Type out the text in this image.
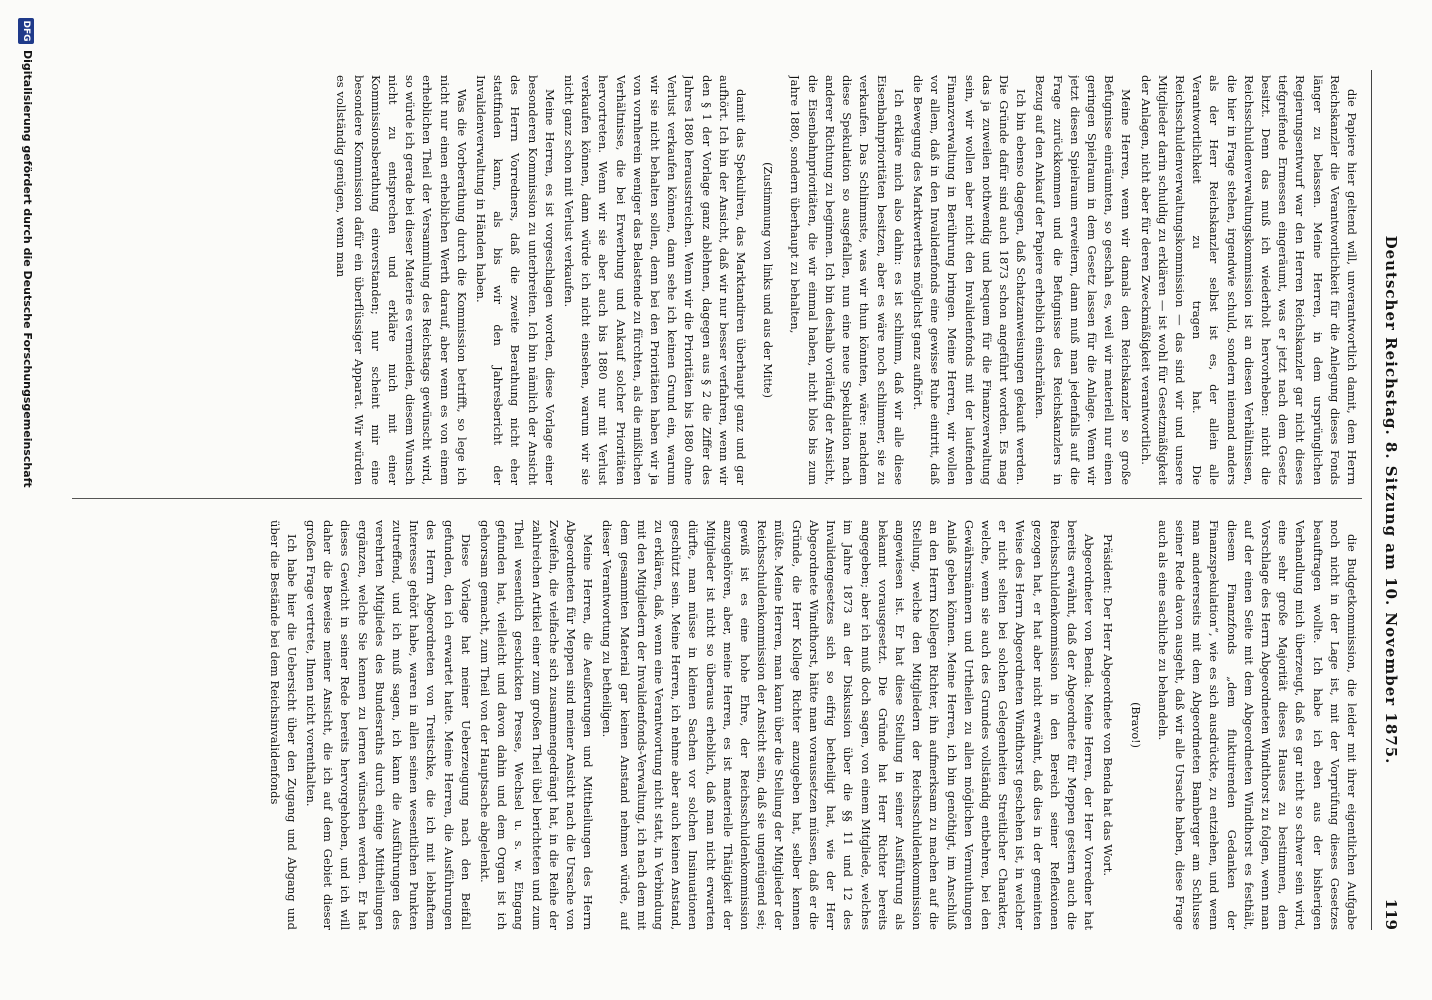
Deutscher Reichstag. 8. Sitzung am 10. November 1875.
119

die Papiere hier geltend will, unverantwortlich damit, dem Herrn Reichskanzler die Verantwortlichkeit für die Anlegung dieses Fonds länger zu belassen. Meine Herren, in dem ursprünglichen Regierungsentwurf war den Herren Reichskanzler gar nicht dieses tiefgreifende Ermessen eingeräumt, was er jetzt nach dem Gesetz besitzt. Denn das muß ich wiederholt hervorheben: nicht die Reichsschuldenverwaltungskommission ist an diesen Verhältnissen, die hier in Frage stehen, irgendwie schuld, sondern niemand anders als der Herr Reichskanzler selbst ist es, der allein alle Verantwortlichkeit zu tragen hat. Die Reichsschuldenverwaltungskommission — das sind wir und unsere Mitglieder darin schuldig zu erklären — ist wohl für Gesetzmäßigkeit der Anlagen, nicht aber für deren Zweckmäßigkeit verantwortlich.

Meine Herren, wenn wir damals dem Reichskanzler so große Befugnisse einräumten, so geschah es, weil wir materiell nur einen geringen Spielraum in dem Gesetz lassen für die Anlage. Wenn wir jetzt diesen Spielraum erweitern, dann muß man jedenfalls auf die Frage zurückkommen und die Befugnisse des Reichskanzlers in Bezug auf den Ankauf der Papiere erheblich einschränken.

Ich bin ebenso dagegen, daß Schatzanweisungen gekauft werden. Die Gründe dafür sind auch 1873 schon angeführt worden. Es mag das ja zuweilen nothwendig und bequem für die Finanzverwaltung sein, wir wollen aber nicht den Invalidenfonds mit der laufenden Finanzverwaltung in Berührung bringen. Meine Herren, wir wollen vor allem, daß in den Invalidenfonds eine gewisse Ruhe eintritt, daß die Bewegung des Marktwerthes möglichst ganz aufhört.

Ich erkläre mich also dahin: es ist schlimm, daß wir alle diese Eisenbahnprioritäten besitzen, aber es wäre noch schlimmer, sie zu verkaufen. Das Schlimmste, was wir thun könnten, wäre: nachdem diese Spekulation so ausgefallen, nun eine neue Spekulation nach anderer Richtung zu beginnen. Ich bin deshalb vorläufig der Ansicht, die Eisenbahnprioritäten, die wir einmal haben, nicht blos bis zum Jahre 1880, sondern überhaupt zu behalten,

(Zustimmung von links und aus der Mitte)

damit das Spekuliren, das Marktandiren überhaupt ganz und gar aufhört. Ich bin der Ansicht, daß wir nur besser verfahren, wenn wir den § 1 der Vorlage ganz ablehnen, dagegen aus § 2 die Ziffer des Jahres 1880 herausstreichen. Wenn wir die Prioritäten bis 1880 ohne Verlust verkaufen können, dann sehe ich keinen Grund ein, warum wir sie nicht behalten sollen, denn bei den Prioritäten haben wir ja von vornherein weniger das Belastende zu fürchten, als die mißlichen Verhältnisse, die bei Erwerbung und Ankauf solcher Prioritäten hervortreten. Wenn wir sie aber auch bis 1880 nur mit Verlust verkaufen können, dann würde ich nicht einsehen, warum wir sie nicht ganz schon mit Verlust verkaufen.

Meine Herren, es ist vorgeschlagen worden, diese Vorlage einer besonderen Kommission zu unterbreiten. Ich bin nämlich der Ansicht des Herrn Vorredners, daß die zweite Berathung nicht eher stattfinden kann, als bis wir den Jahresbericht der Invalidenverwaltung in Händen haben.

Was die Vorberathung durch die Kommission betrifft, so lege ich nicht nur einen erheblichen Werth darauf, aber wenn es von einem erheblichen Theil der Versammlung des Reichstags gewünscht wird, so würde ich gerade bei dieser Materie es vermeiden, diesem Wunsch nicht zu entsprechen und erkläre mich mit einer Kommissionsberathung einverstanden; nur scheint mir eine besondere Kommission dafür ein überflüssiger Apparat. Wir würden es vollständig genügen, wenn man

die Budgetkommission, die leider mit ihrer eigentlichen Aufgabe noch nicht in der Lage ist, mit der Vorprüfung dieses Gesetzes beauftragen wollte. Ich habe ich eben aus der bisherigen Verhandlung mich überzeugt, daß es gar nicht so schwer sein wird, eine sehr große Majorität dieses Hauses zu bestimmen, dem Vorschlage des Herrn Abgeordneten Windthorst zu folgen, wenn man auf der einen Seite mit dem Abgeordneten Windthorst es festhält, diesem Finanzfonds „dem fluktuirenden Gedanken der Finanzspekulation“, wie es sich ausdrückte, zu entziehen, und wenn man andererseits mit dem Abgeordneten Bamberger am Schlusse seiner Rede davon ausgeht, daß wir alle Ursache haben, diese Frage auch als eine sachliche zu behandeln.

(Bravo!)

Präsident: Der Herr Abgeordnete von Benda hat das Wort.

Abgeordneter von Benda: Meine Herren, der Herr Vorredner hat bereits erwähnt, daß der Abgeordnete für Meppen gestern auch die Reichsschuldenkommission in den Bereich seiner Reflexionen gezogen hat, er hat aber nicht erwähnt, daß dies in der gemeinten Weise des Herrn Abgeordneten Windthorst geschehen ist, in welcher er nicht selten bei solchen Gelegenheiten Streitlicher Charakter, welche, wenn sie auch des Grundes vollständig entbehren, bei den Gewährsmännern und Urtheilen zu allen möglichen Vermuthungen Anlaß geben können. Meine Herren, ich bin genöthigt, im Anschluß an den Herrn Kollegen Richter, ihn aufmerksam zu machen auf die Stellung, welche den Mitgliedern der Reichsschuldenkommission angewiesen ist. Er hat diese Stellung in seiner Ausführung als bekannt vorausgesetzt. Die Gründe hat Herr Richter bereits angegeben; aber ich muß doch sagen, von einem Mitgliede, welches im Jahre 1873 an der Diskussion über die §§ 11 und 12 des Invalidengesetzes sich so eifrig betheiligt hat, wie der Herr Abgeordnete Windthorst, hätte man voraussetzen müssen, daß er die Gründe, die Herr Kollege Richter anzugeben hat, selber kennen müßte. Meine Herren, man kann über die Stellung der Mitglieder der Reichsschuldenkommission der Ansicht sein, daß sie ungenügend sei; gewiß ist es eine hohe Ehre, der Reichsschuldenkommission anzugehören, aber, meine Herren, es ist materielle Thätigkeit der Mitglieder ist nicht so überaus erheblich, daß man nicht erwarten dürfte, man müsse in kleinen Sachen vor solchen Insinuationen geschützt sein. Meine Herren, ich nehme aber auch keinen Anstand, zu erklären, daß, wenn eine Verantwortung nicht statt, in Verbindung mit den Mitgliedern der Invalidenfonds-Verwaltung, ich nach dem mit dem gesammten Material gar keinen Anstand nehmen würde, auf dieser Verantwortung zu betheiligen.

Meine Herren, die Aeußerungen und Mittheilungen des Herrn Abgeordneten für Meppen sind meiner Ansicht nach die Ursache von Zweifeln, die vielfache sich zusammengedrängt hat, in die Reihe der zahlreichen Artikel einer zum großen Theil übel berichteten und zum Theil wesentlich geschickten Presse, Wechsel u. s. w. Eingang gefunden hat, vielleicht und davon dahin und dem Organ ist ich gehorsam gemacht, zum Theil von der Hauptsache abgelenkt.

Diese Vorlage hat meiner Ueberzeugung nach den Beifall gefunden, den ich erwartet hatte. Meine Herren, die Ausführungen des Herrn Abgeordneten von Treitschke, die ich mit lebhaftem Interesse gehört habe, waren in allen seinen wesentlichen Punkten zutreffend, und ich muß sagen, ich kann die Ausführungen des verehrten Mitgliedes des Bundesraths durch einige Mittheilungen ergänzen, welche Sie kennen zu lernen wünschen werden. Er hat dieses Gewicht in seiner Rede bereits hervorgehoben, und ich will daher die Beweise meiner Ansicht, die ich auf dem Gebiet dieser großen Frage vertrete, Ihnen nicht vorenthalten.

Ich habe hier die Uebersicht über den Zugang und Abgang und über die Bestände bei dem Reichsinvalidenfonds

DFG
Digitalisierung gefördert durch die Deutsche Forschungsgemeinschaft
